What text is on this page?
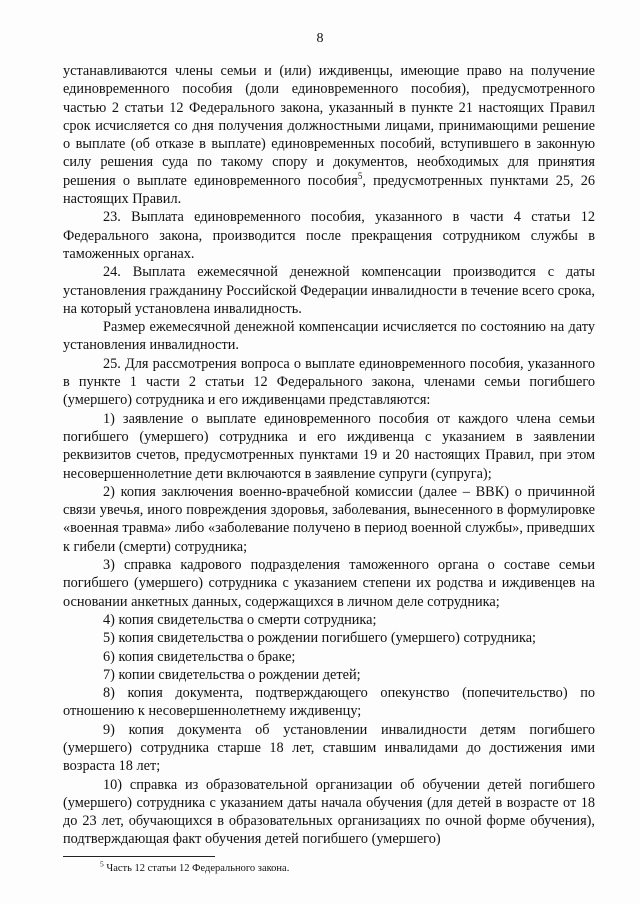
8

устанавливаются члены семьи и (или) иждивенцы, имеющие право на получение единовременного пособия (доли единовременного пособия), предусмотренного частью 2 статьи 12 Федерального закона, указанный в пункте 21 настоящих Правил срок исчисляется со дня получения должностными лицами, принимающими решение о выплате (об отказе в выплате) единовременных пособий, вступившего в законную силу решения суда по такому спору и документов, необходимых для принятия решения о выплате единовременного пособия$^5$, предусмотренных пунктами 25, 26 настоящих Правил.

23. Выплата единовременного пособия, указанного в части 4 статьи 12 Федерального закона, производится после прекращения сотрудником службы в таможенных органах.

24. Выплата ежемесячной денежной компенсации производится с даты установления гражданину Российской Федерации инвалидности в течение всего срока, на который установлена инвалидность.

Размер ежемесячной денежной компенсации исчисляется по состоянию на дату установления инвалидности.

25. Для рассмотрения вопроса о выплате единовременного пособия, указанного в пункте 1 части 2 статьи 12 Федерального закона, членами семьи погибшего (умершего) сотрудника и его иждивенцами представляются:

1) заявление о выплате единовременного пособия от каждого члена семьи погибшего (умершего) сотрудника и его иждивенца с указанием в заявлении реквизитов счетов, предусмотренных пунктами 19 и 20 настоящих Правил, при этом несовершеннолетние дети включаются в заявление супруги (супруга);

2) копия заключения военно-врачебной комиссии (далее – ВВК) о причинной связи увечья, иного повреждения здоровья, заболевания, вынесенного в формулировке «военная травма» либо «заболевание получено в период военной службы», приведших к гибели (смерти) сотрудника;

3) справка кадрового подразделения таможенного органа о составе семьи погибшего (умершего) сотрудника с указанием степени их родства и иждивенцев на основании анкетных данных, содержащихся в личном деле сотрудника;

4) копия свидетельства о смерти сотрудника;

5) копия свидетельства о рождении погибшего (умершего) сотрудника;

6) копия свидетельства о браке;

7) копии свидетельства о рождении детей;

8) копия документа, подтверждающего опекунство (попечительство) по отношению к несовершеннолетнему иждивенцу;

9) копия документа об установлении инвалидности детям погибшего (умершего) сотрудника старше 18 лет, ставшим инвалидами до достижения ими возраста 18 лет;

10) справка из образовательной организации об обучении детей погибшего (умершего) сотрудника с указанием даты начала обучения (для детей в возрасте от 18 до 23 лет, обучающихся в образовательных организациях по очной форме обучения), подтверждающая факт обучения детей погибшего (умершего)

$^5$ Часть 12 статьи 12 Федерального закона.
